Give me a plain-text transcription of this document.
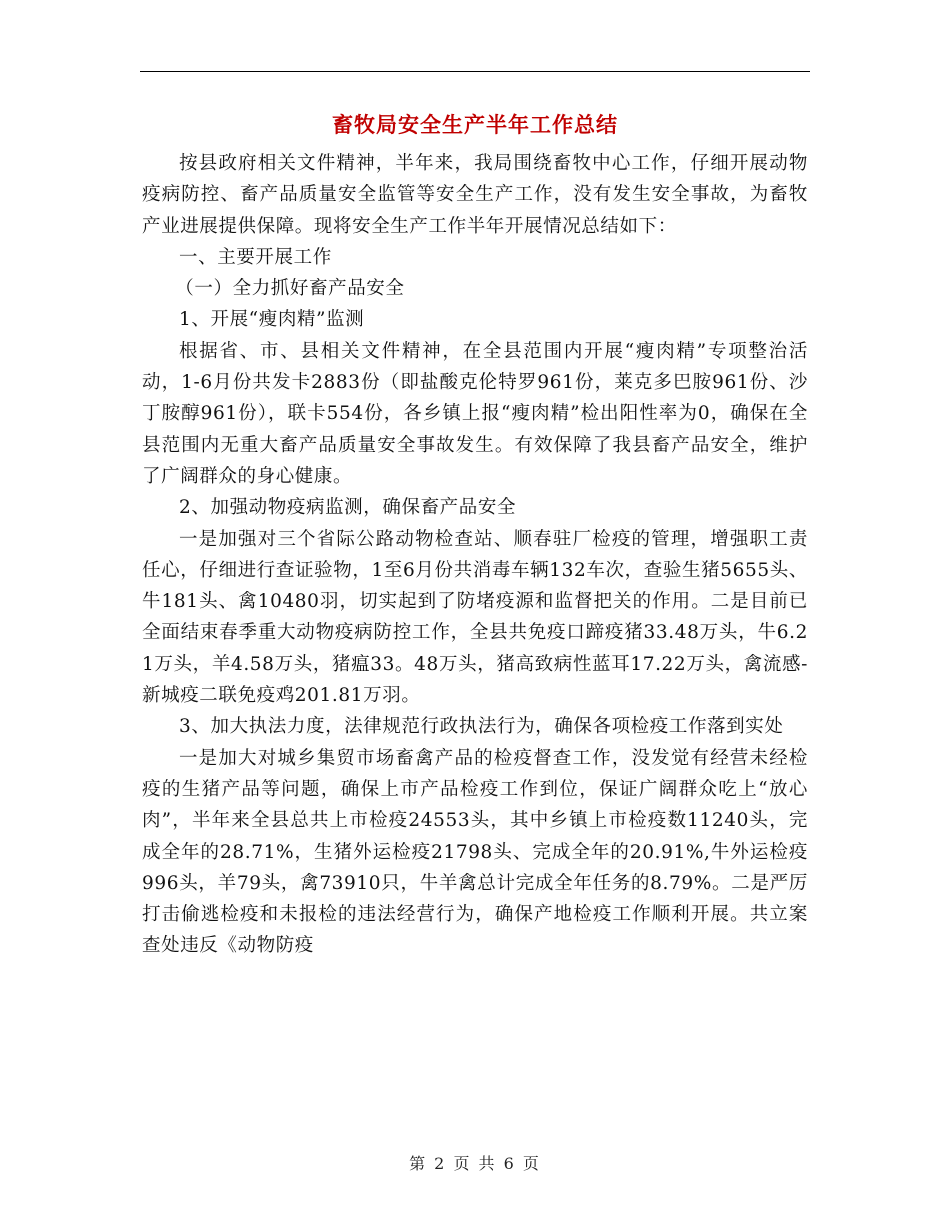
畜牧局安全生产半年工作总结

按县政府相关文件精神，半年来，我局围绕畜牧中心工作，仔细开展动物疫病防控、畜产品质量安全监管等安全生产工作，没有发生安全事故，为畜牧产业进展提供保障。现将安全生产工作半年开展情况总结如下：

一、主要开展工作

（一）全力抓好畜产品安全

1、开展“瘦肉精”监测

根据省、市、县相关文件精神，在全县范围内开展“瘦肉精”专项整治活动，1-6月份共发卡2883份（即盐酸克伦特罗961份，莱克多巴胺961份、沙丁胺醇961份），联卡554份，各乡镇上报“瘦肉精”检出阳性率为0，确保在全县范围内无重大畜产品质量安全事故发生。有效保障了我县畜产品安全，维护了广阔群众的身心健康。

2、加强动物疫病监测，确保畜产品安全

一是加强对三个省际公路动物检查站、顺春驻厂检疫的管理，增强职工责任心，仔细进行查证验物，1至6月份共消毒车辆132车次，查验生猪5655头、牛181头、禽10480羽，切实起到了防堵疫源和监督把关的作用。二是目前已全面结束春季重大动物疫病防控工作，全县共免疫口蹄疫猪33.48万头，牛6.21万头，羊4.58万头，猪瘟33。48万头，猪高致病性蓝耳17.22万头，禽流感-新城疫二联免疫鸡201.81万羽。

3、加大执法力度，法律规范行政执法行为，确保各项检疫工作落到实处

一是加大对城乡集贸市场畜禽产品的检疫督查工作，没发觉有经营未经检疫的生猪产品等问题，确保上市产品检疫工作到位，保证广阔群众吃上“放心肉”，半年来全县总共上市检疫24553头，其中乡镇上市检疫数11240头，完成全年的28.71%，生猪外运检疫21798头、完成全年的20.91%,牛外运检疫996头，羊79头，禽73910只，牛羊禽总计完成全年任务的8.79%。二是严厉打击偷逃检疫和未报检的违法经营行为，确保产地检疫工作顺利开展。共立案查处违反《动物防疫

第 2 页 共 6 页
